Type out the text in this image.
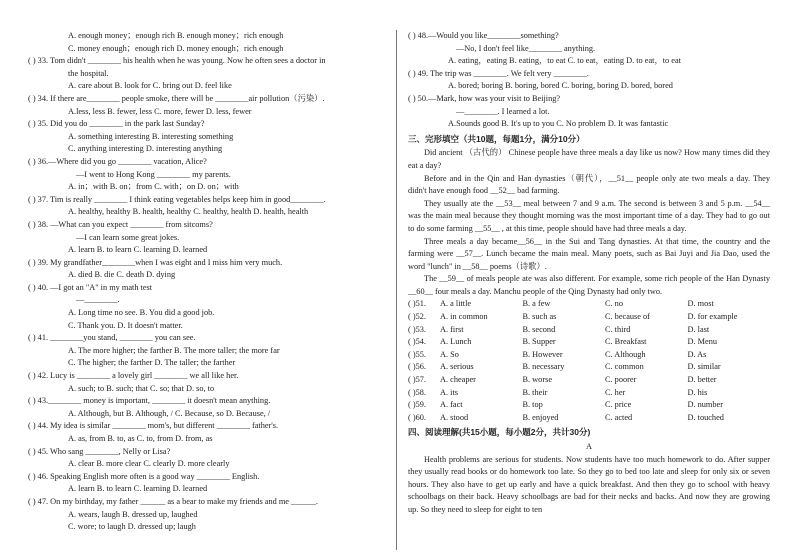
A. enough money；enough rich B. enough money；rich enough
C. money enough；enough rich D. money enough；rich enough
( ) 33. Tom didn't ________ his health when he was young. Now he often sees a doctor in
the hospital.
A. care about B. look for C. bring out D. feel like
( ) 34. If there are________ people smoke, there will be ________air pollution（污染）.
A.less, less B. fewer, less C. more, fewer D. less, fewer
( ) 35. Did you do ________ in the park last Sunday?
A. something interesting B. interesting something
C. anything interesting D. interesting anything
( ) 36.—Where did you go ________ vacation, Alice?
—I went to Hong Kong ________ my parents.
A. in；with B. on；from C. with；on D. on；with
( ) 37. Tim is really ________ I think eating vegetables helps keep him in good________.
A. healthy, healthy B. health, healthy C. healthy, health D. health, health
( ) 38. —What can you expect ________ from sitcoms?
—I can learn some great jokes.
A. learn B. to learn C. learning D. learned
( ) 39. My grandfather________when I was eight and I miss him very much.
A. died B. die C. death D. dying
( ) 40. —I got an "A" in my math test
—________.
A. Long time no see. B. You did a good job.
C. Thank you. D. It doesn't matter.
( ) 41. ________you stand, ________ you can see.
A. The more higher; the farther B. The more taller; the more far
C. The higher; the farther D. The taller; the farther
( ) 42. Lucy is ________ a lovely girl ________ we all like her.
A. such; to B. such; that C. so; that D. so, to
( ) 43.________ money is important, ________ it doesn't mean anything.
A. Although, but B. Although, / C. Because, so D. Because, /
( ) 44. My idea is similar ________ mom's, but different ________ father's.
A. as, from B. to, as C. to, from D. from, as
( ) 45. Who sang ________, Nelly or Lisa?
A. clear B. more clear C. clearly D. more clearly
( ) 46. Speaking English more often is a good way ________ English.
A. learn B. to learn C. learning D. learned
( ) 47. On my birthday, my father ______ as a bear to make my friends and me ______.
A. wears, laugh B. dressed up, laughed
C. wore; to laugh D. dressed up; laugh
( ) 48.—Would you like________something?
—No, I don't feel like________ anything.
A. eating，eating B. eating，to eat C. to eat，eating D. to eat，to eat
( ) 49. The trip was ________. We felt very ________.
A. bored; boring B. boring, bored C. boring, boring D. bored, bored
( ) 50.—Mark, how was your visit to Beijing?
—________. I learned a lot.
A.Sounds good B. It's up to you C. No problem D. It was fantastic
三、完形填空（共10题，每题1分，满分10分）
Did ancient （古代的） Chinese people have three meals a day like us now? How many times did they eat a day?
Before and in the Qin and Han dynasties（朝代），__51__ people only ate two meals a day. They didn't have enough food __52__ bad farming.
They usually ate the __53__ meal between 7 and 9 a.m. The second is between 3 and 5 p.m. __54__ was the main meal because they thought morning was the most important time of a day. They had to go out to do some farming __55__ , at this time, people should have had three meals a day.
Three meals a day became__56__ in the Sui and Tang dynasties. At that time, the country and the farming were __57__. Lunch became the main meal. Many poets, such as Bai Juyi and Jia Dao, used the word "lunch" in __58__ poems（诗歌）.
The __59__ of meals people ate was also different. For example, some rich people of the Han Dynasty __60__ four meals a day. Manchu people of the Qing Dynasty had only two.
( )51.	A. a little	B. a few	C. no	D. most
( )52.	A. in common	B. such as	C. because of	D. for example
( )53.	A. first	B. second	C. third	D. last
( )54.	A. Lunch	B. Supper	C. Breakfast	D. Menu
( )55.	A. So	B. However	C. Although	D. As
( )56.	A. serious	B. necessary	C. common	D. similar
( )57.	A. cheaper	B. worse	C. poorer	D. better
( )58.	A. its	B. their	C. her	D. his
( )59.	A. fact	B. top	C. price	D. number
( )60.	A. stood	B. enjoyed	C. acted	D. touched
四、阅读理解(共15小题，每小题2分，共计30分)
A
Health problems are serious for students. Now students have too much homework to do. After supper they usually read books or do homework too late. So they go to bed too late and sleep for only six or seven hours. They also have to get up early and have a quick breakfast. And then they go to school with heavy schoolbags on their back. Heavy schoolbags are bad for their necks and backs. And now they are growing up. So they need to sleep for eight to ten
